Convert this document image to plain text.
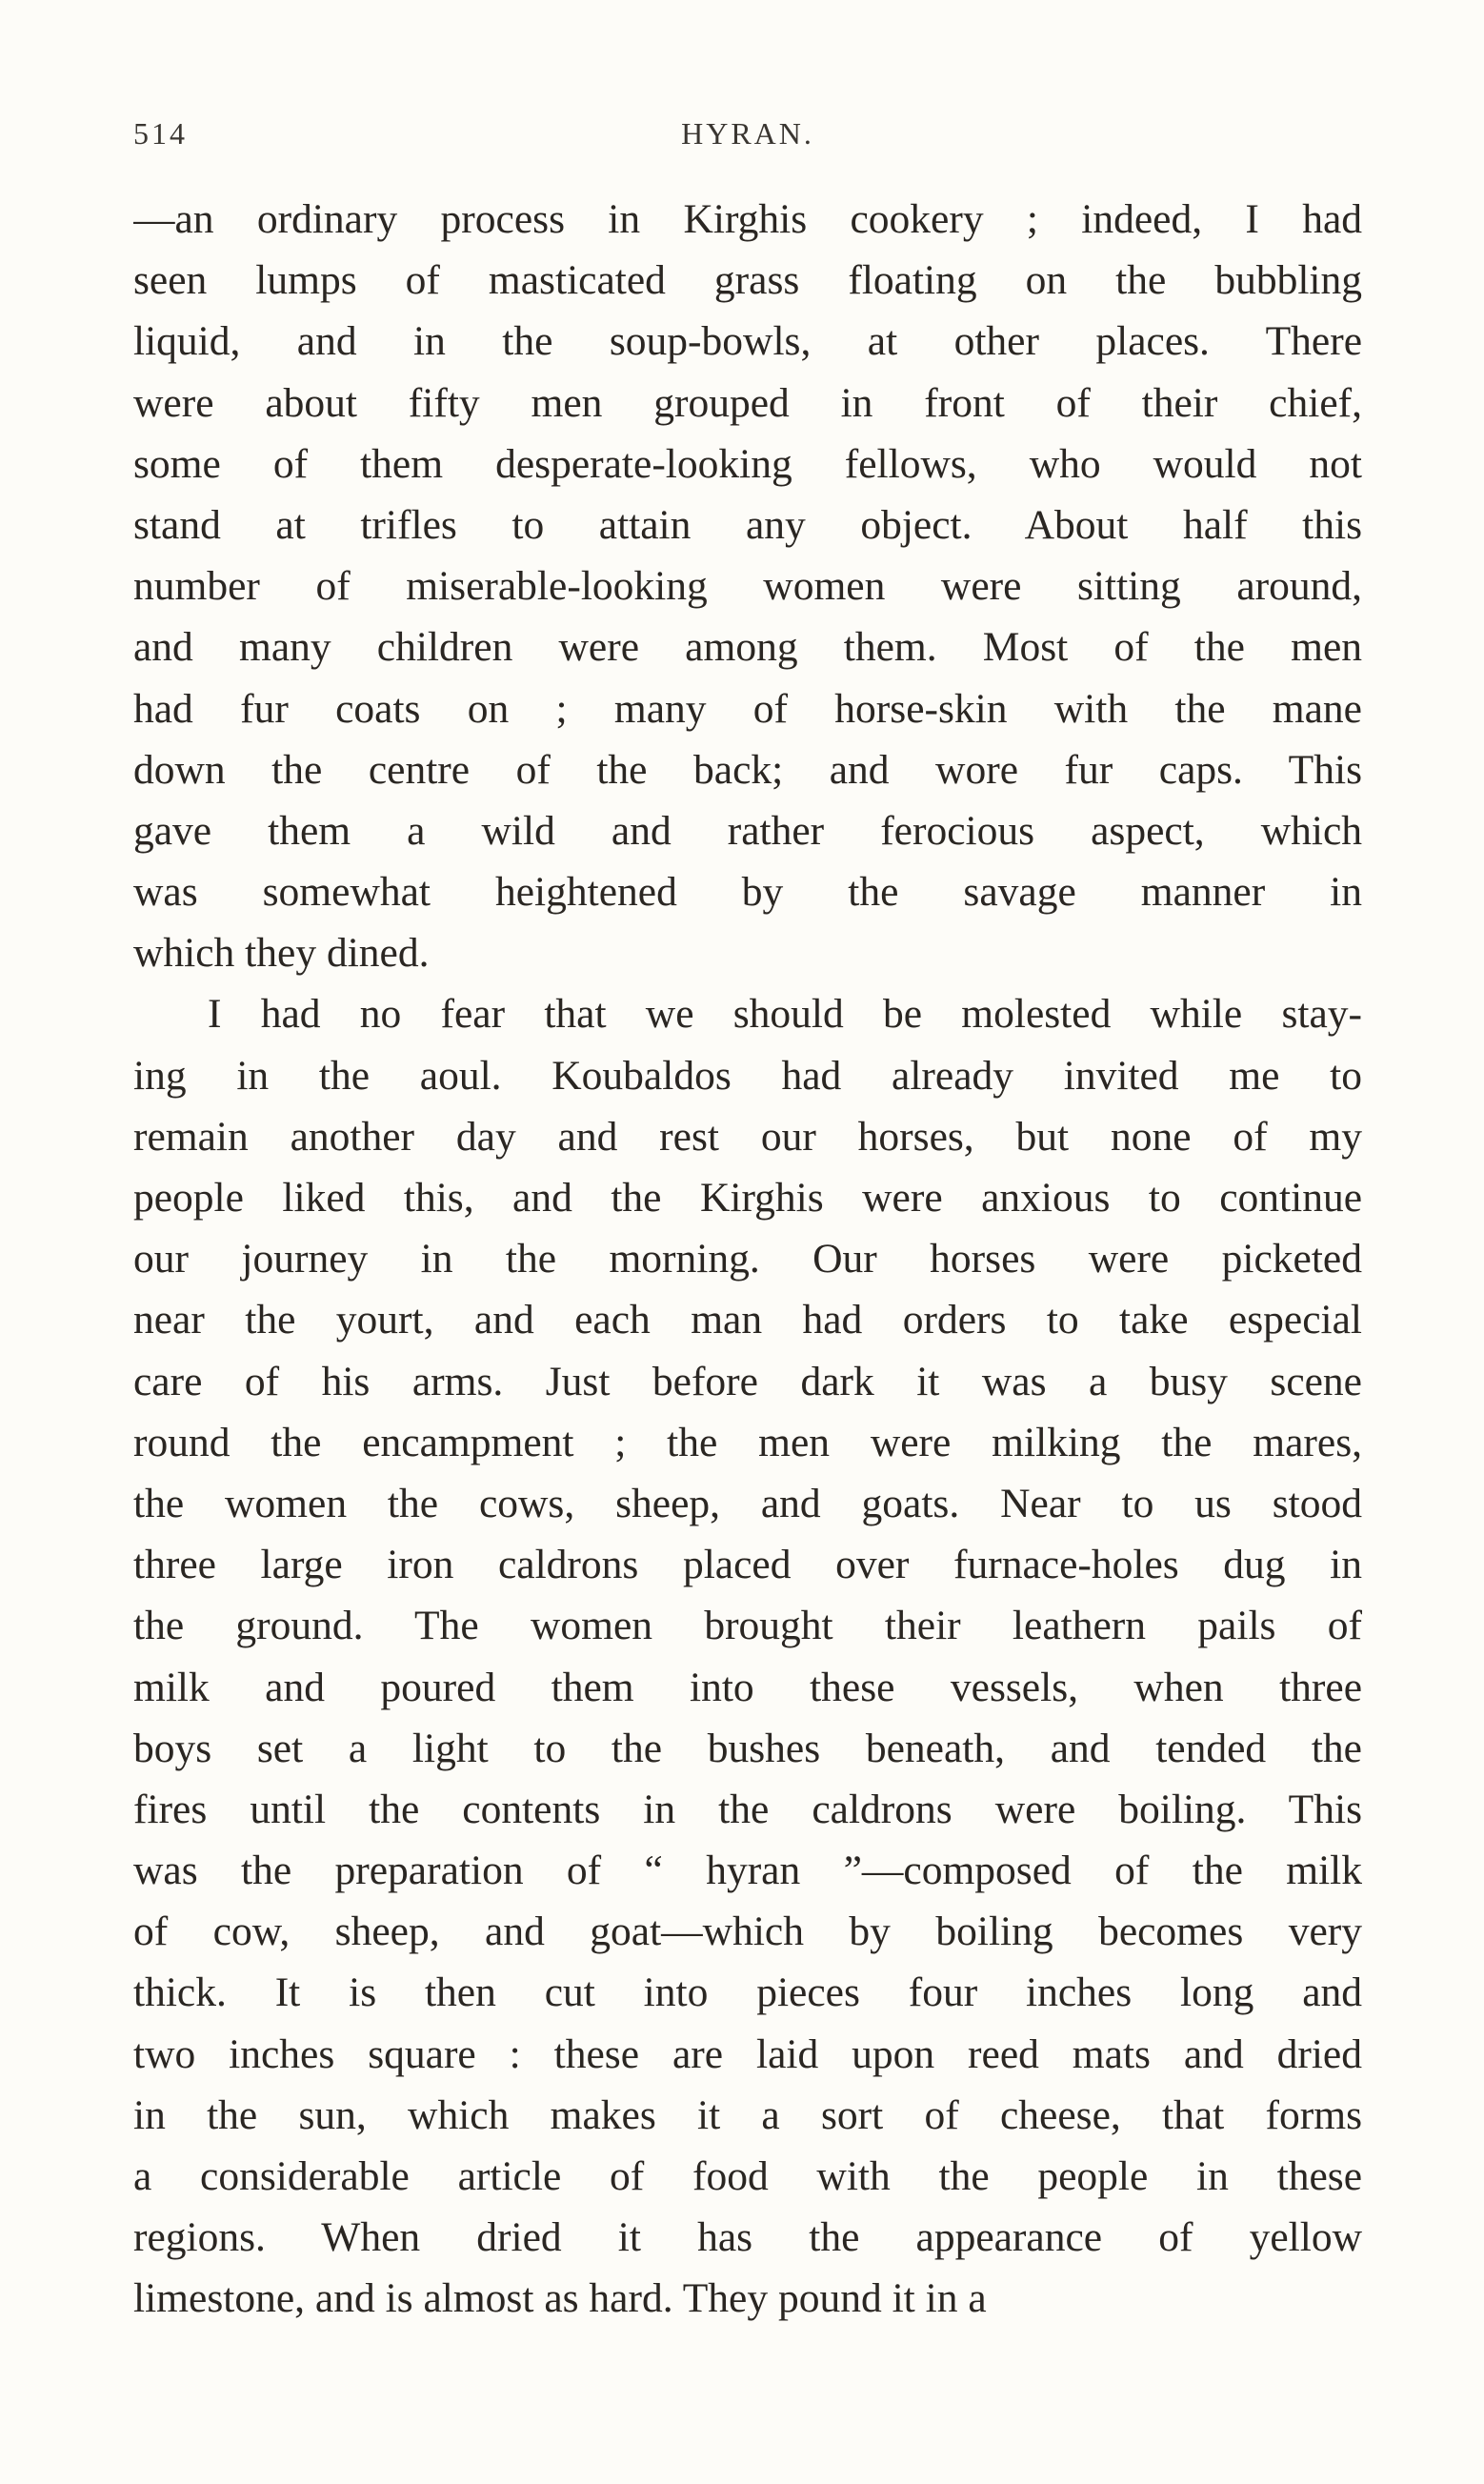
514	HYRAN.
—an ordinary process in Kirghis cookery ; indeed, I had
seen lumps of masticated grass floating on the bubbling
liquid, and in the soup-bowls, at other places. There
were about fifty men grouped in front of their chief,
some of them desperate-looking fellows, who would not
stand at trifles to attain any object. About half this
number of miserable-looking women were sitting around,
and many children were among them. Most of the men
had fur coats on ; many of horse-skin with the mane
down the centre of the back; and wore fur caps. This
gave them a wild and rather ferocious aspect, which
was somewhat heightened by the savage manner in
which they dined.
I had no fear that we should be molested while stay-
ing in the aoul. Koubaldos had already invited me to
remain another day and rest our horses, but none of my
people liked this, and the Kirghis were anxious to continue
our journey in the morning. Our horses were picketed
near the yourt, and each man had orders to take especial
care of his arms. Just before dark it was a busy scene
round the encampment ; the men were milking the mares,
the women the cows, sheep, and goats. Near to us stood
three large iron caldrons placed over furnace-holes dug in
the ground. The women brought their leathern pails of
milk and poured them into these vessels, when three
boys set a light to the bushes beneath, and tended the
fires until the contents in the caldrons were boiling. This
was the preparation of “ hyran ”—composed of the milk
of cow, sheep, and goat—which by boiling becomes very
thick. It is then cut into pieces four inches long and
two inches square : these are laid upon reed mats and dried
in the sun, which makes it a sort of cheese, that forms
a considerable article of food with the people in these
regions. When dried it has the appearance of yellow
limestone, and is almost as hard. They pound it in a
